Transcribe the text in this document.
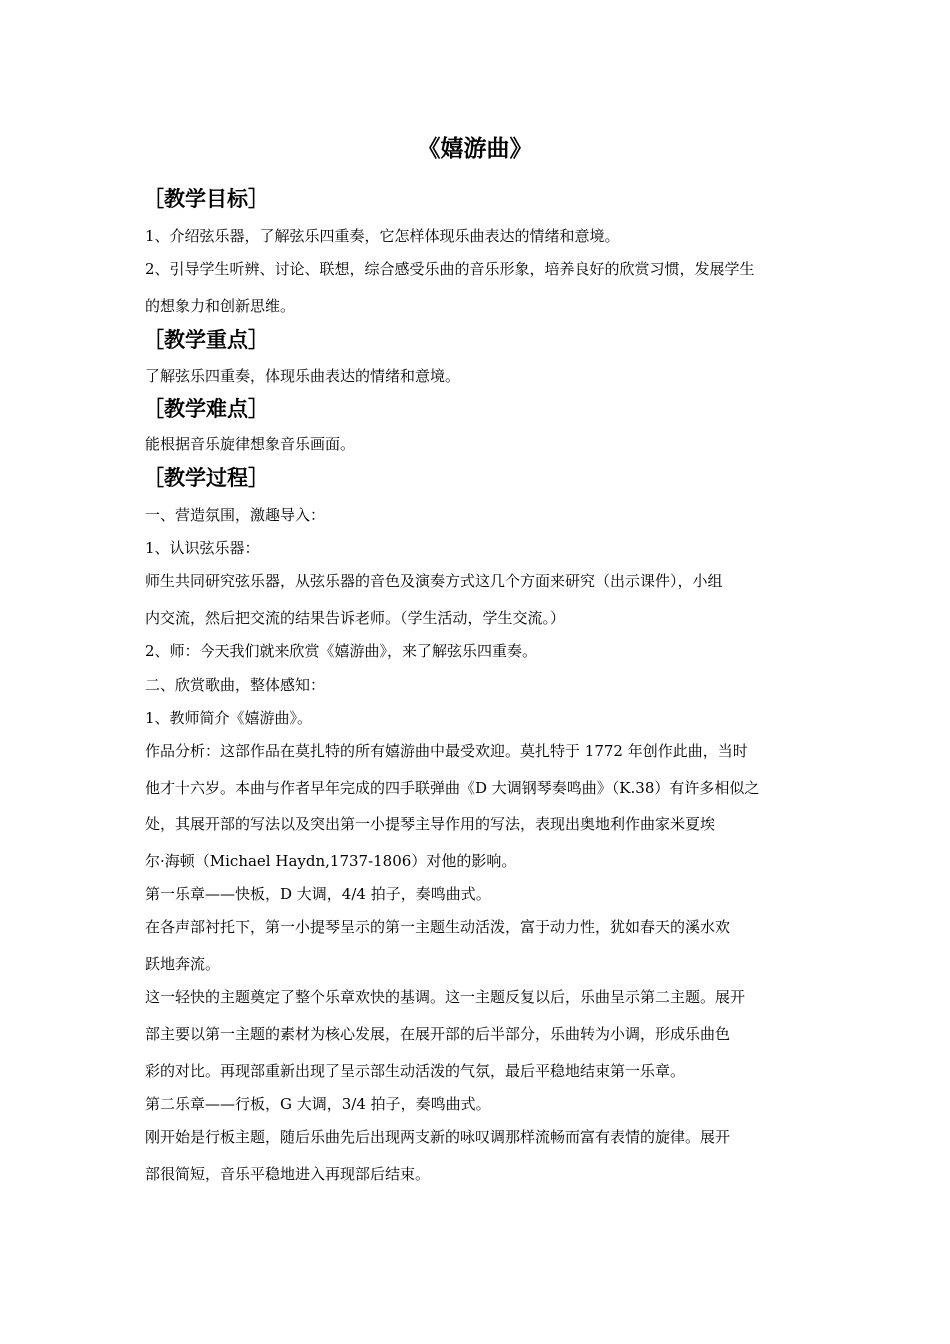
《嬉游曲》
［教学目标］
1、介绍弦乐器，了解弦乐四重奏，它怎样体现乐曲表达的情绪和意境。
2、引导学生听辨、讨论、联想，综合感受乐曲的音乐形象，培养良好的欣赏习惯，发展学生
的想象力和创新思维。
［教学重点］
了解弦乐四重奏，体现乐曲表达的情绪和意境。
［教学难点］
能根据音乐旋律想象音乐画面。
［教学过程］
一、营造氛围，激趣导入：
1、认识弦乐器：
师生共同研究弦乐器，从弦乐器的音色及演奏方式这几个方面来研究（出示课件），小组
内交流，然后把交流的结果告诉老师。（学生活动，学生交流。）
2、师：今天我们就来欣赏《嬉游曲》，来了解弦乐四重奏。
二、欣赏歌曲，整体感知：
1、教师简介《嬉游曲》。
作品分析：这部作品在莫扎特的所有嬉游曲中最受欢迎。莫扎特于 1772 年创作此曲，当时
他才十六岁。本曲与作者早年完成的四手联弹曲《D 大调钢琴奏鸣曲》（K.38）有许多相似之
处，其展开部的写法以及突出第一小提琴主导作用的写法，表现出奥地利作曲家米夏埃
尔·海顿（Michael Haydn,1737-1806）对他的影响。
第一乐章——快板，D 大调，4/4 拍子，奏鸣曲式。
在各声部衬托下，第一小提琴呈示的第一主题生动活泼，富于动力性，犹如春天的溪水欢
跃地奔流。
这一轻快的主题奠定了整个乐章欢快的基调。这一主题反复以后，乐曲呈示第二主题。展开
部主要以第一主题的素材为核心发展，在展开部的后半部分，乐曲转为小调，形成乐曲色
彩的对比。再现部重新出现了呈示部生动活泼的气氛，最后平稳地结束第一乐章。
第二乐章——行板，G 大调，3/4 拍子，奏鸣曲式。
刚开始是行板主题，随后乐曲先后出现两支新的咏叹调那样流畅而富有表情的旋律。展开
部很简短，音乐平稳地进入再现部后结束。
